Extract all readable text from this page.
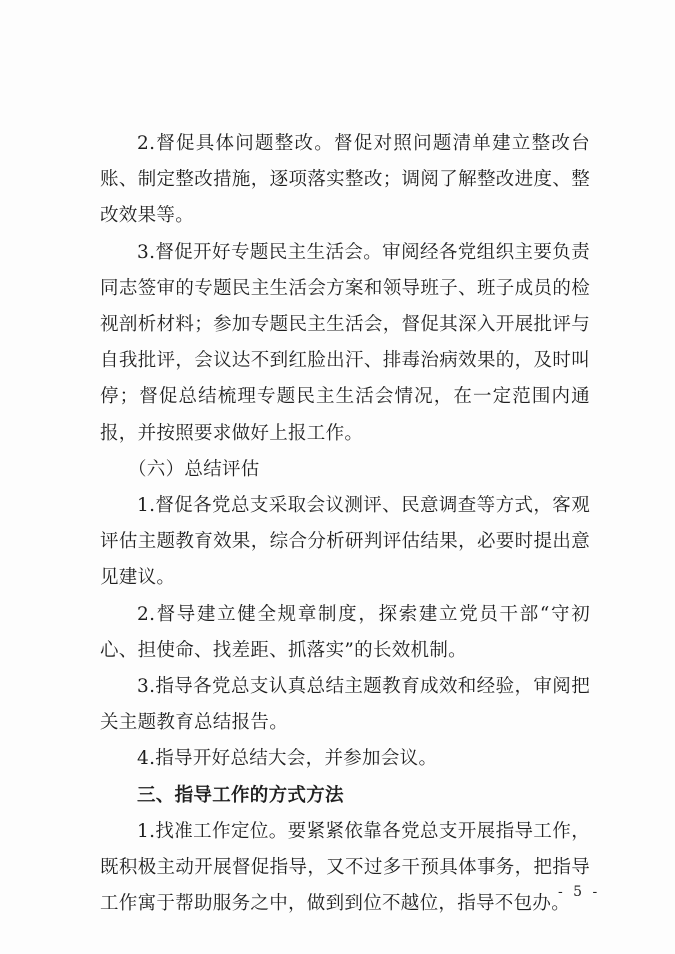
2.督促具体问题整改。督促对照问题清单建立整改台账、制定整改措施，逐项落实整改；调阅了解整改进度、整改效果等。

3.督促开好专题民主生活会。审阅经各党组织主要负责同志签审的专题民主生活会方案和领导班子、班子成员的检视剖析材料；参加专题民主生活会，督促其深入开展批评与自我批评，会议达不到红脸出汗、排毒治病效果的，及时叫停；督促总结梳理专题民主生活会情况，在一定范围内通报，并按照要求做好上报工作。

（六）总结评估

1.督促各党总支采取会议测评、民意调查等方式，客观评估主题教育效果，综合分析研判评估结果，必要时提出意见建议。

2.督导建立健全规章制度，探索建立党员干部“守初心、担使命、找差距、抓落实”的长效机制。

3.指导各党总支认真总结主题教育成效和经验，审阅把关主题教育总结报告。

4.指导开好总结大会，并参加会议。

三、指导工作的方式方法

1.找准工作定位。要紧紧依靠各党总支开展指导工作，既积极主动开展督促指导，又不过多干预具体事务，把指导工作寓于帮助服务之中，做到到位不越位，指导不包办。

- 5 -
